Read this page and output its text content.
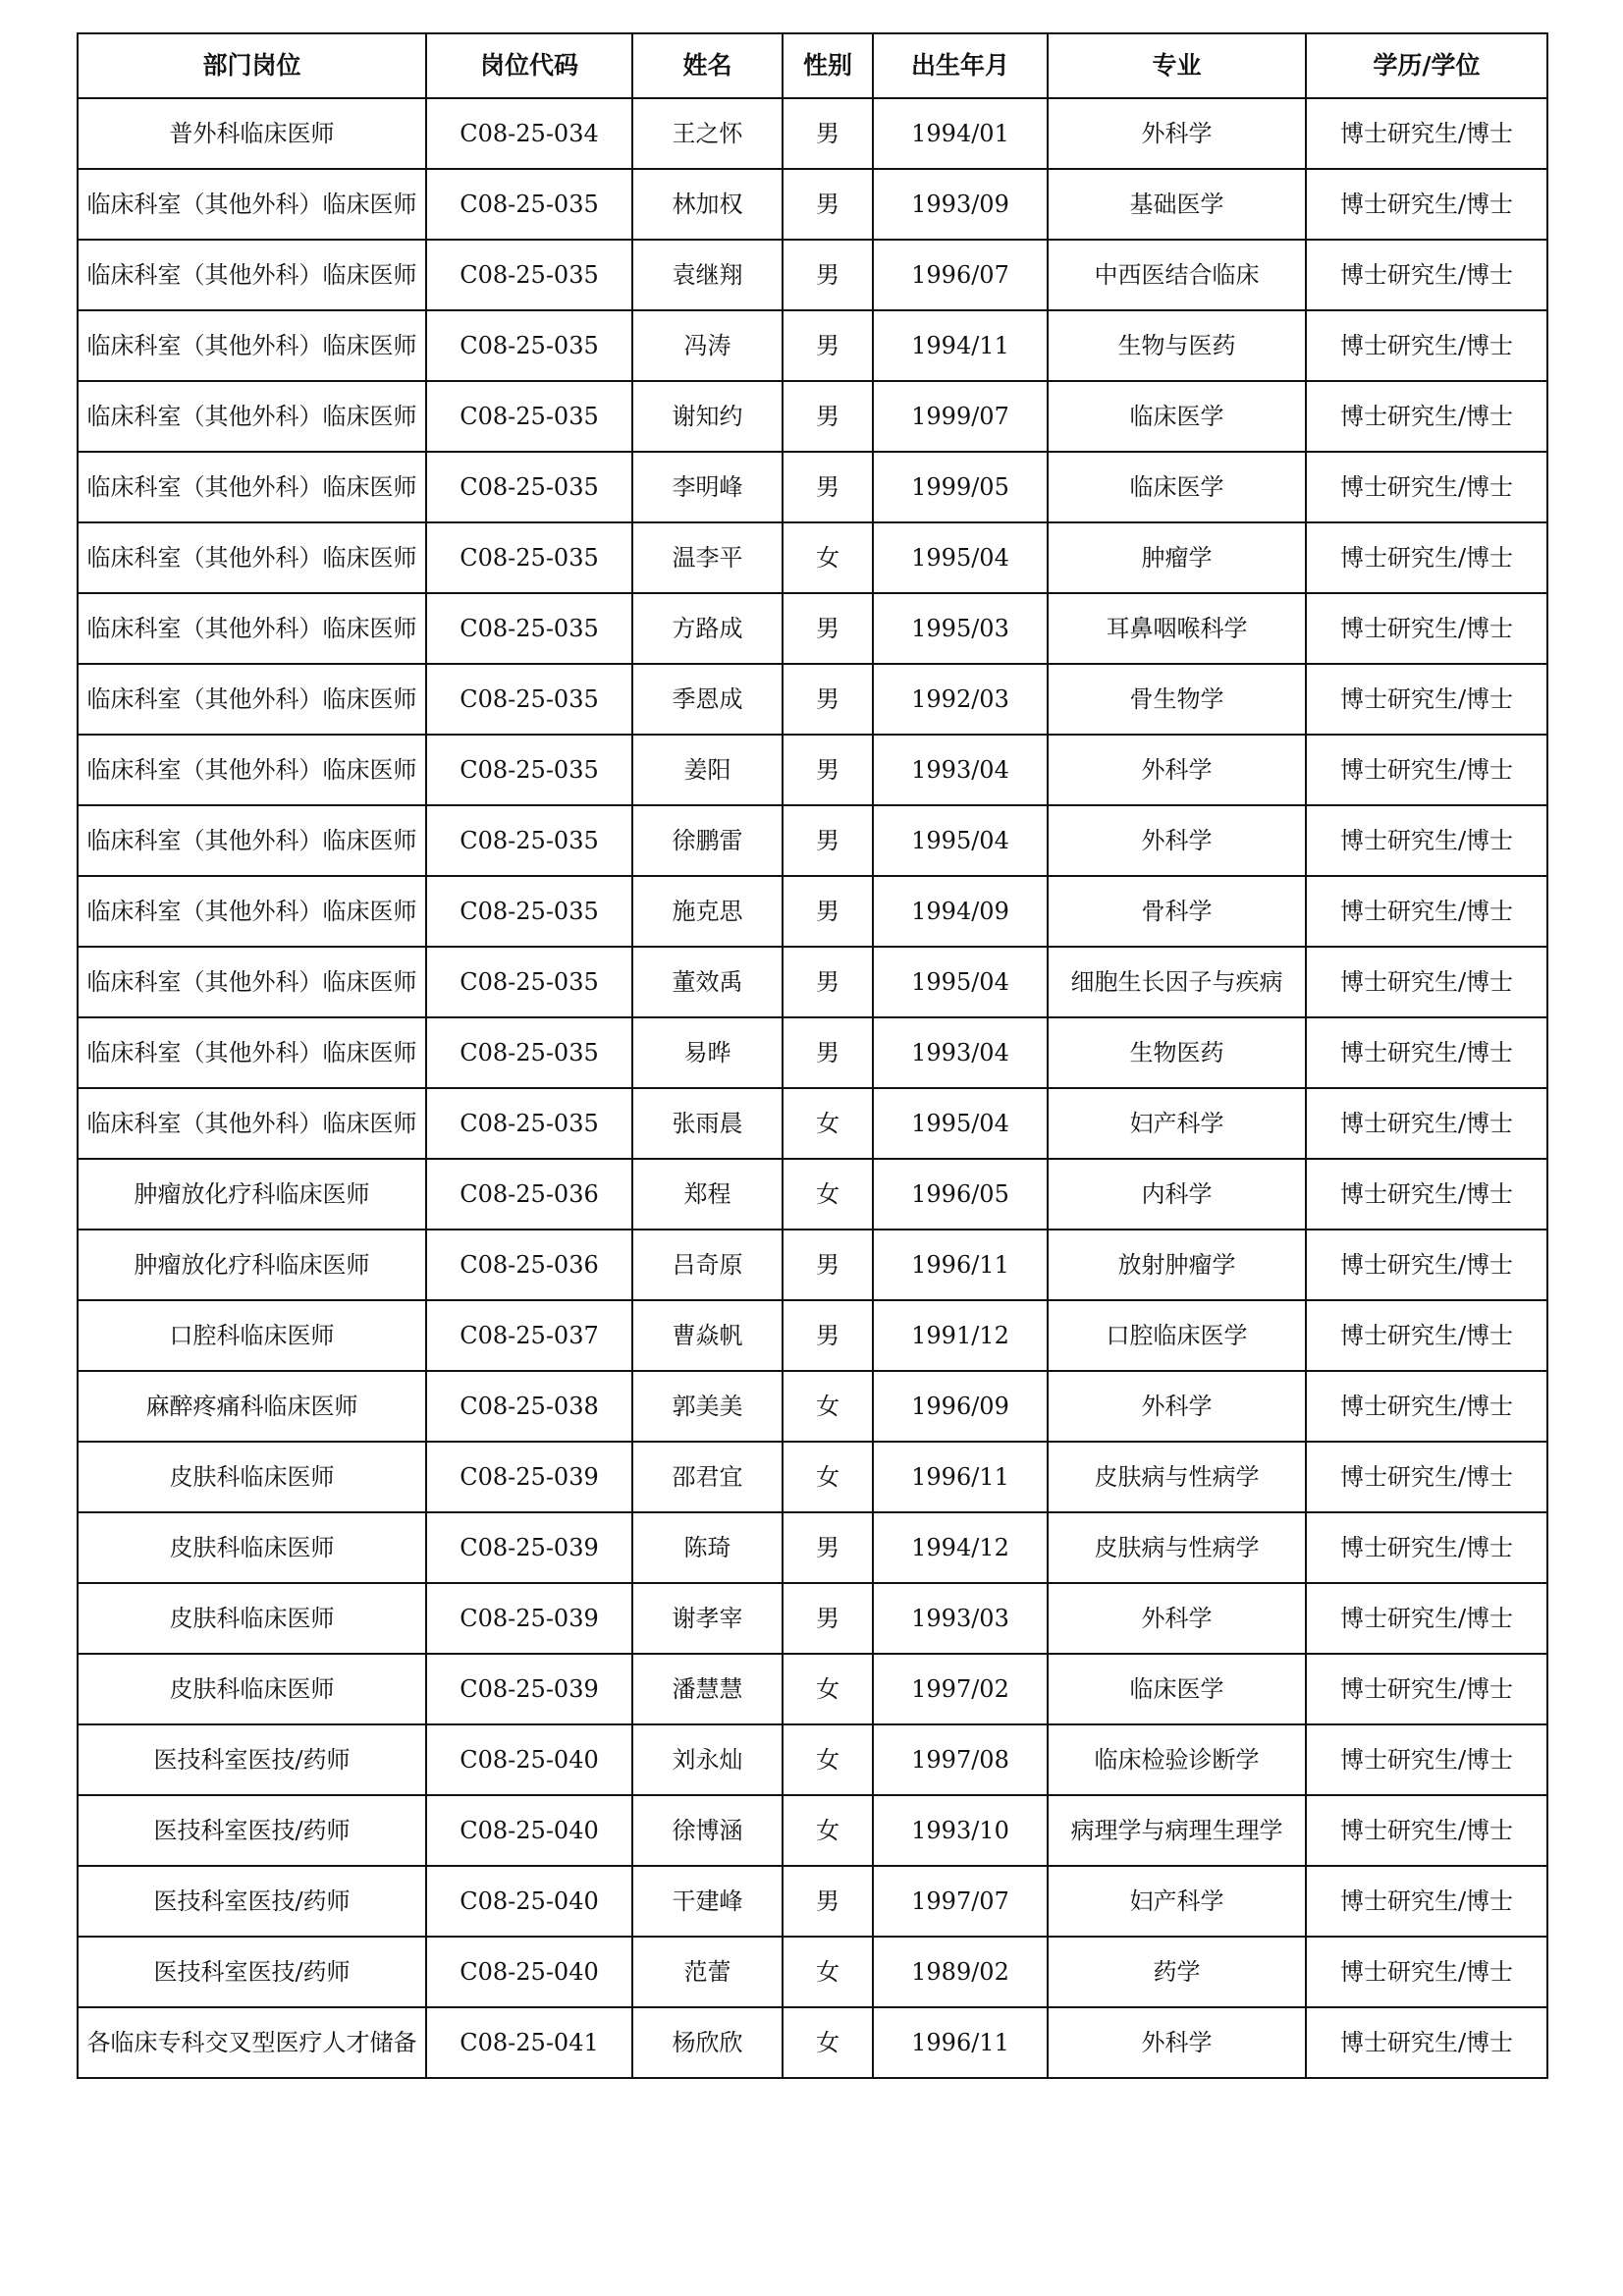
部门岗位	岗位代码	姓名	性别	出生年月	专业	学历/学位
普外科临床医师	C08-25-034	王之怀	男	1994/01	外科学	博士研究生/博士
临床科室（其他外科）临床医师	C08-25-035	林加权	男	1993/09	基础医学	博士研究生/博士
临床科室（其他外科）临床医师	C08-25-035	袁继翔	男	1996/07	中西医结合临床	博士研究生/博士
临床科室（其他外科）临床医师	C08-25-035	冯涛	男	1994/11	生物与医药	博士研究生/博士
临床科室（其他外科）临床医师	C08-25-035	谢知约	男	1999/07	临床医学	博士研究生/博士
临床科室（其他外科）临床医师	C08-25-035	李明峰	男	1999/05	临床医学	博士研究生/博士
临床科室（其他外科）临床医师	C08-25-035	温李平	女	1995/04	肿瘤学	博士研究生/博士
临床科室（其他外科）临床医师	C08-25-035	方路成	男	1995/03	耳鼻咽喉科学	博士研究生/博士
临床科室（其他外科）临床医师	C08-25-035	季恩成	男	1992/03	骨生物学	博士研究生/博士
临床科室（其他外科）临床医师	C08-25-035	姜阳	男	1993/04	外科学	博士研究生/博士
临床科室（其他外科）临床医师	C08-25-035	徐鹏雷	男	1995/04	外科学	博士研究生/博士
临床科室（其他外科）临床医师	C08-25-035	施克思	男	1994/09	骨科学	博士研究生/博士
临床科室（其他外科）临床医师	C08-25-035	董效禹	男	1995/04	细胞生长因子与疾病	博士研究生/博士
临床科室（其他外科）临床医师	C08-25-035	易晔	男	1993/04	生物医药	博士研究生/博士
临床科室（其他外科）临床医师	C08-25-035	张雨晨	女	1995/04	妇产科学	博士研究生/博士
肿瘤放化疗科临床医师	C08-25-036	郑程	女	1996/05	内科学	博士研究生/博士
肿瘤放化疗科临床医师	C08-25-036	吕奇原	男	1996/11	放射肿瘤学	博士研究生/博士
口腔科临床医师	C08-25-037	曹焱帆	男	1991/12	口腔临床医学	博士研究生/博士
麻醉疼痛科临床医师	C08-25-038	郭美美	女	1996/09	外科学	博士研究生/博士
皮肤科临床医师	C08-25-039	邵君宜	女	1996/11	皮肤病与性病学	博士研究生/博士
皮肤科临床医师	C08-25-039	陈琦	男	1994/12	皮肤病与性病学	博士研究生/博士
皮肤科临床医师	C08-25-039	谢孝宰	男	1993/03	外科学	博士研究生/博士
皮肤科临床医师	C08-25-039	潘慧慧	女	1997/02	临床医学	博士研究生/博士
医技科室医技/药师	C08-25-040	刘永灿	女	1997/08	临床检验诊断学	博士研究生/博士
医技科室医技/药师	C08-25-040	徐博涵	女	1993/10	病理学与病理生理学	博士研究生/博士
医技科室医技/药师	C08-25-040	干建峰	男	1997/07	妇产科学	博士研究生/博士
医技科室医技/药师	C08-25-040	范蕾	女	1989/02	药学	博士研究生/博士
各临床专科交叉型医疗人才储备	C08-25-041	杨欣欣	女	1996/11	外科学	博士研究生/博士
